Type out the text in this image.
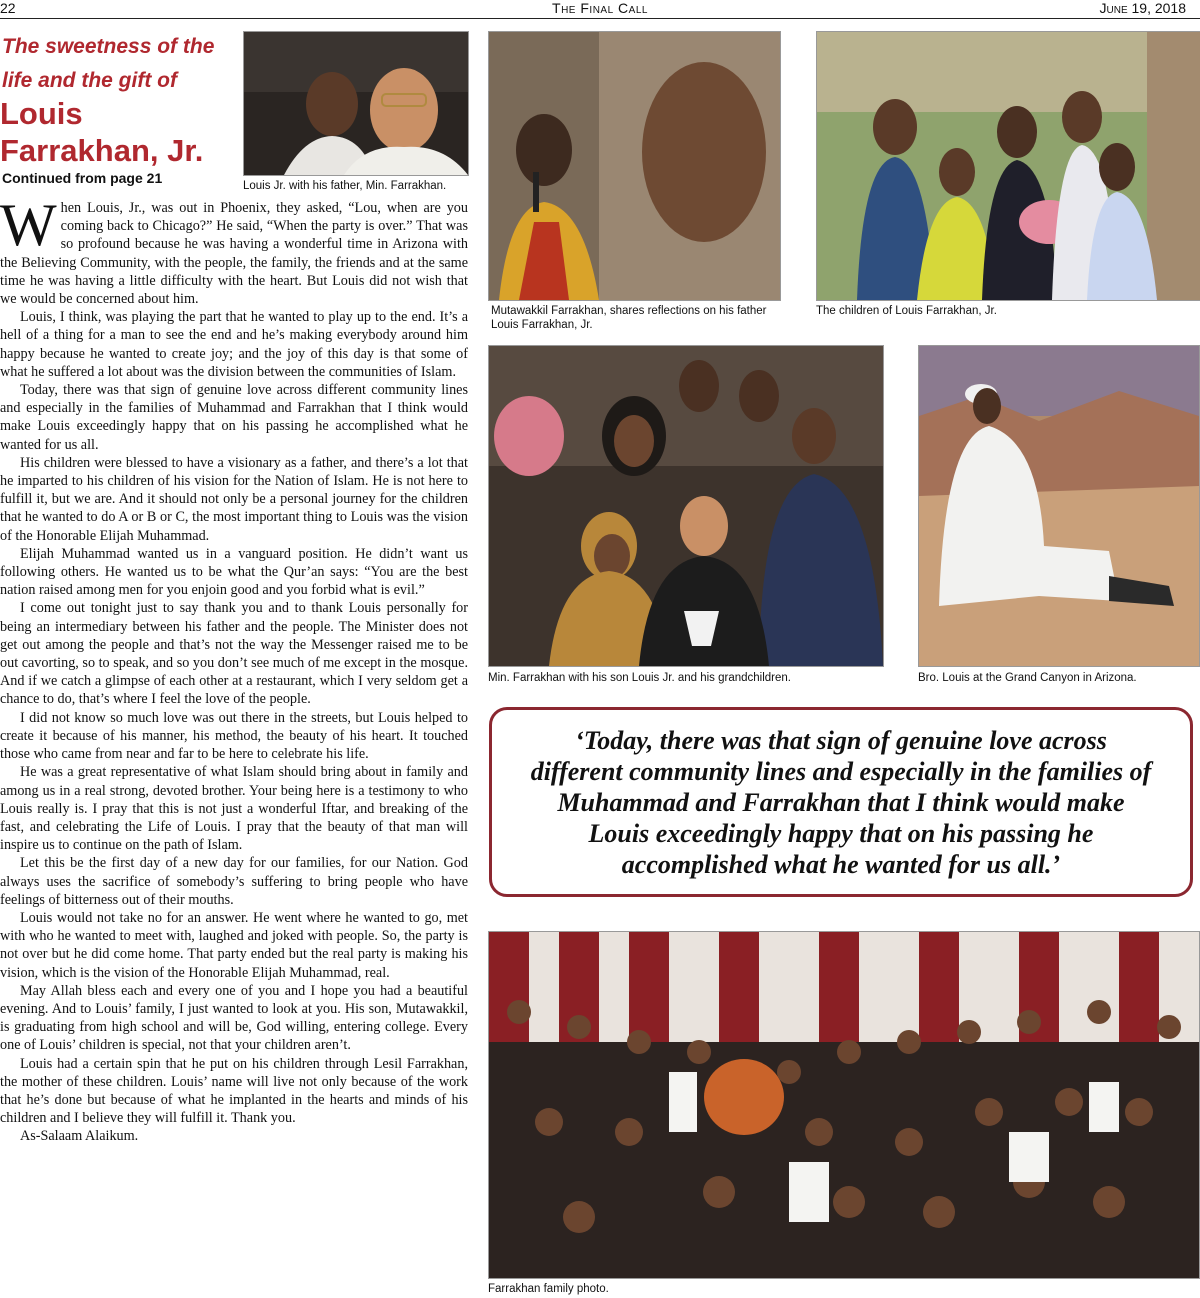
22	The Final Call	June 19, 2018
The sweetness of the
life and the gift of
Louis
Farrakhan, Jr.
Continued from page 21	Louis Jr. with his father, Min. Farrakhan.

When Louis, Jr., was out in Phoenix, they asked, “Lou, when are you coming back to Chicago?” He said, “When the party is over.” That was so profound because he was having a wonderful time in Arizona with the Believing Community, with the people, the family, the friends and at the same time he was having a little difficulty with the heart. But Louis did not wish that we would be concerned about him.

Louis, I think, was playing the part that he wanted to play up to the end. It’s a hell of a thing for a man to see the end and he’s making everybody around him happy because he wanted to create joy; and the joy of this day is that some of what he suffered a lot about was the division between the communities of Islam.

Today, there was that sign of genuine love across different community lines and especially in the families of Muhammad and Farrakhan that I think would make Louis exceedingly happy that on his passing he accomplished what he wanted for us all.

His children were blessed to have a visionary as a father, and there’s a lot that he imparted to his children of his vision for the Nation of Islam. He is not here to fulfill it, but we are. And it should not only be a personal journey for the children that he wanted to do A or B or C, the most important thing to Louis was the vision of the Honorable Elijah Muhammad.

Elijah Muhammad wanted us in a vanguard position. He didn’t want us following others. He wanted us to be what the Qur’an says: “You are the best nation raised among men for you enjoin good and you forbid what is evil.”

I come out tonight just to say thank you and to thank Louis personally for being an intermediary between his father and the people. The Minister does not get out among the people and that’s not the way the Messenger raised me to be out cavorting, so to speak, and so you don’t see much of me except in the mosque. And if we catch a glimpse of each other at a restaurant, which I very seldom get a chance to do, that’s where I feel the love of the people.

I did not know so much love was out there in the streets, but Louis helped to create it because of his manner, his method, the beauty of his heart. It touched those who came from near and far to be here to celebrate his life.

He was a great representative of what Islam should bring about in family and among us in a real strong, devoted brother. Your being here is a testimony to who Louis really is. I pray that this is not just a wonderful Iftar, and breaking of the fast, and celebrating the Life of Louis. I pray that the beauty of that man will inspire us to continue on the path of Islam.

Let this be the first day of a new day for our families, for our Nation. God always uses the sacrifice of somebody’s suffering to bring people who have feelings of bitterness out of their mouths.

Louis would not take no for an answer. He went where he wanted to go, met with who he wanted to meet with, laughed and joked with people. So, the party is not over but he did come home. That party ended but the real party is making his vision, which is the vision of the Honorable Elijah Muhammad, real.

May Allah bless each and every one of you and I hope you had a beautiful evening. And to Louis’ family, I just wanted to look at you. His son, Mutawakkil, is graduating from high school and will be, God willing, entering college. Every one of Louis’ children is special, not that your children aren’t.

Louis had a certain spin that he put on his children through Lesil Farrakhan, the mother of these children. Louis’ name will live not only because of the work that he’s done but because of what he implanted in the hearts and minds of his children and I believe they will fulfill it. Thank you.

As-Salaam Alaikum.

Mutawakkil Farrakhan, shares reflections on his father Louis Farrakhan, Jr.
The children of Louis Farrakhan, Jr.
Min. Farrakhan with his son Louis Jr. and his grandchildren.	Bro. Louis at the Grand Canyon in Arizona.
‘Today, there was that sign of genuine love across different community lines and especially in the families of Muhammad and Farrakhan that I think would make Louis exceedingly happy that on his passing he accomplished what he wanted for us all.’
Farrakhan family photo.
